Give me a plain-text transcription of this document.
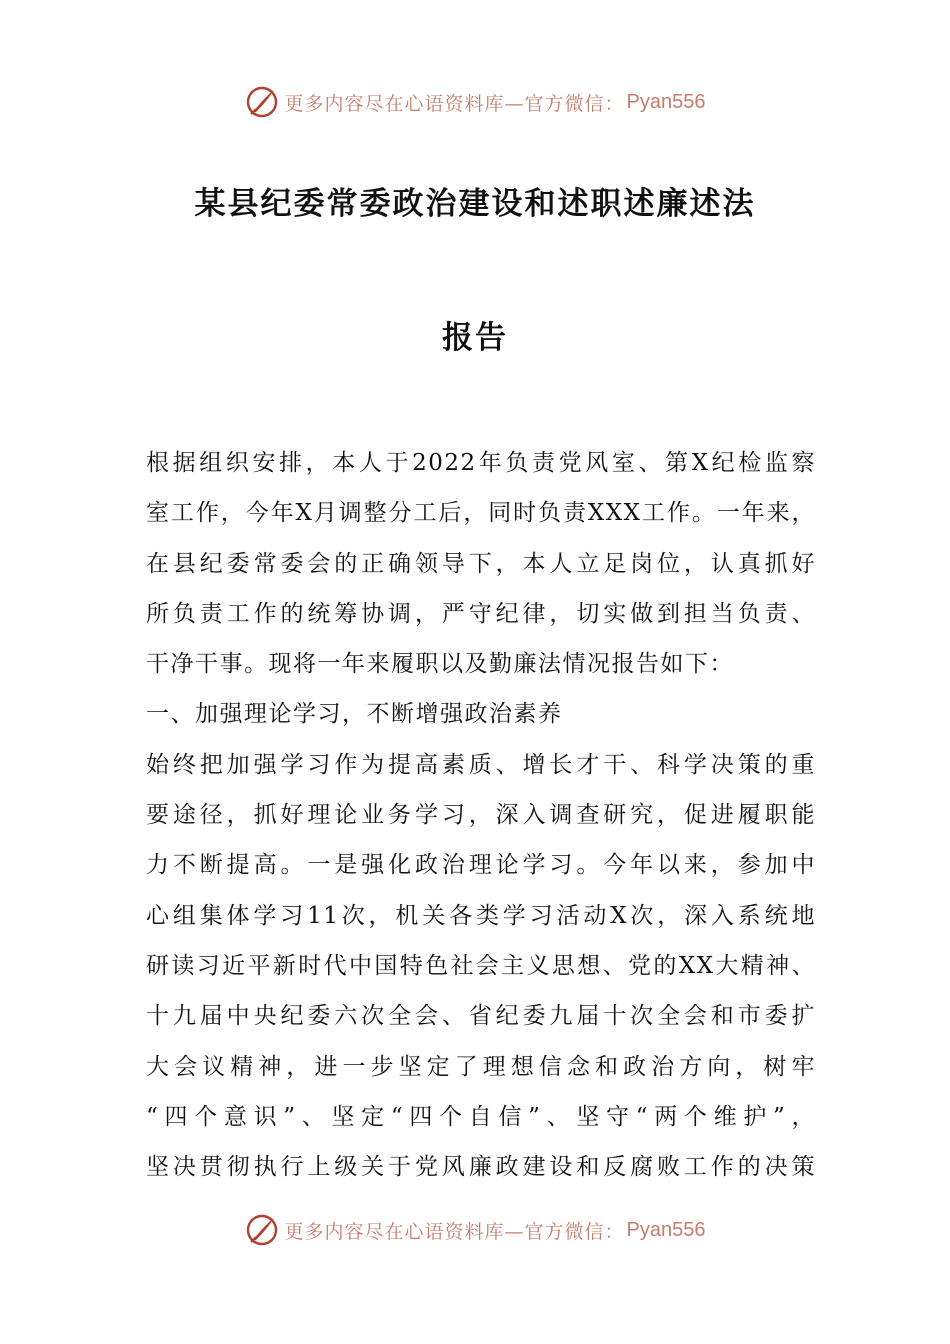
更多内容尽在心语资料库—官方微信： Pyan556
某县纪委常委政治建设和述职述廉述法
报告
根据组织安排，本人于2022年负责党风室、第X纪检监察
室工作，今年X月调整分工后，同时负责XXX工作。一年来，
在县纪委常委会的正确领导下，本人立足岗位，认真抓好
所负责工作的统筹协调，严守纪律，切实做到担当负责、
干净干事。现将一年来履职以及勤廉法情况报告如下：
一、加强理论学习，不断增强政治素养
始终把加强学习作为提高素质、增长才干、科学决策的重
要途径，抓好理论业务学习，深入调查研究，促进履职能
力不断提高。一是强化政治理论学习。今年以来，参加中
心组集体学习11次，机关各类学习活动X次，深入系统地
研读习近平新时代中国特色社会主义思想、党的XX大精神、
十九届中央纪委六次全会、省纪委九届十次全会和市委扩
大会议精神，进一步坚定了理想信念和政治方向，树牢
“四个意识”、坚定“四个自信”、坚守“两个维护”，
坚决贯彻执行上级关于党风廉政建设和反腐败工作的决策
更多内容尽在心语资料库—官方微信： Pyan556
